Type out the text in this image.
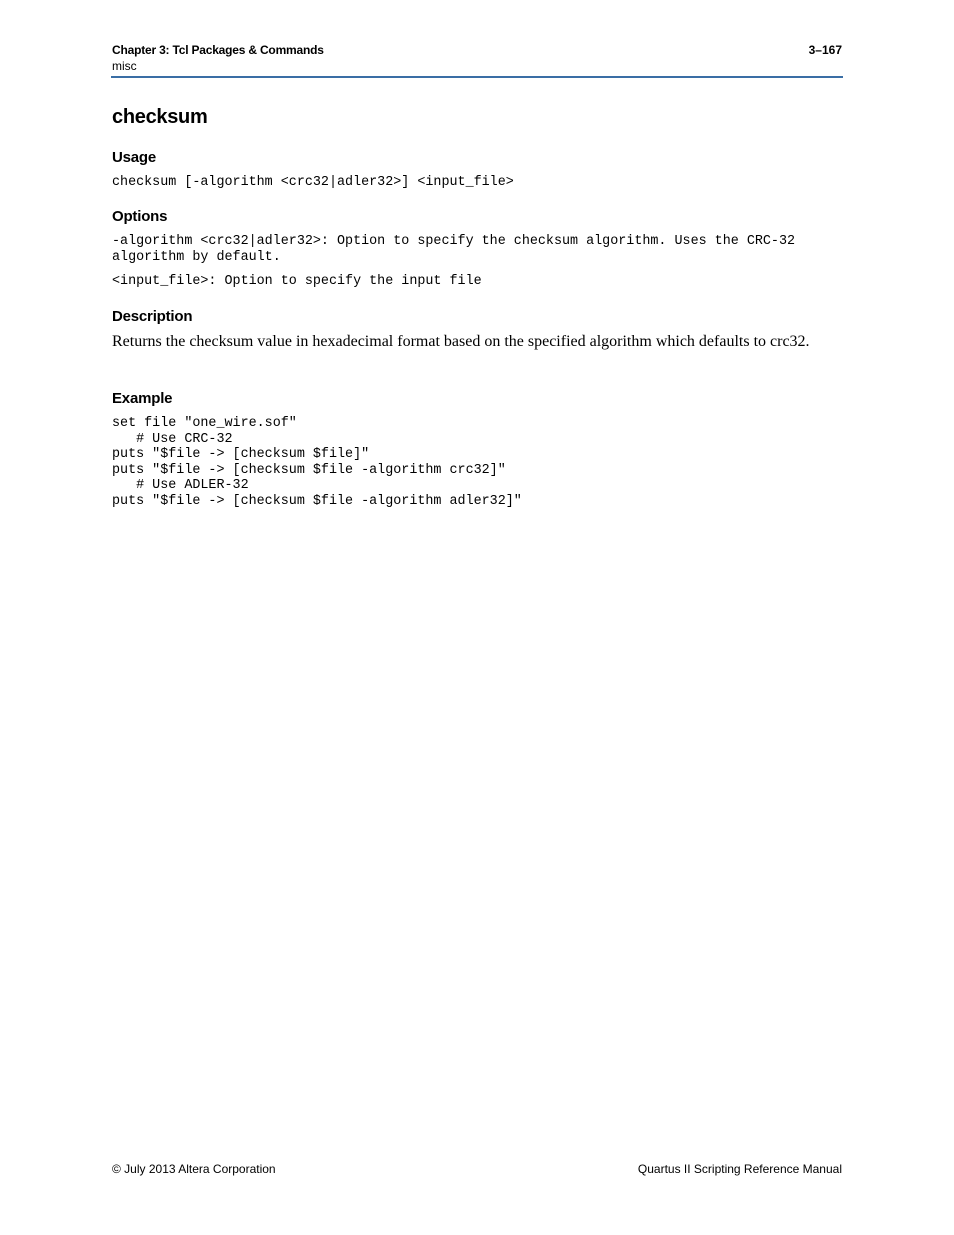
Chapter 3: Tcl Packages & Commands
misc
3–167
checksum
Usage
checksum [-algorithm <crc32|adler32>] <input_file>
Options
-algorithm <crc32|adler32>: Option to specify the checksum algorithm. Uses the CRC-32
algorithm by default.
<input_file>: Option to specify the input file
Description

Returns the checksum value in hexadecimal format based on the specified algorithm which defaults to crc32.

Example
set file "one_wire.sof"
# Use CRC-32
puts "$file -> [checksum $file]"
puts "$file -> [checksum $file -algorithm crc32]"
# Use ADLER-32
puts "$file -> [checksum $file -algorithm adler32]"
© July 2013 Altera Corporation	Quartus II Scripting Reference Manual
